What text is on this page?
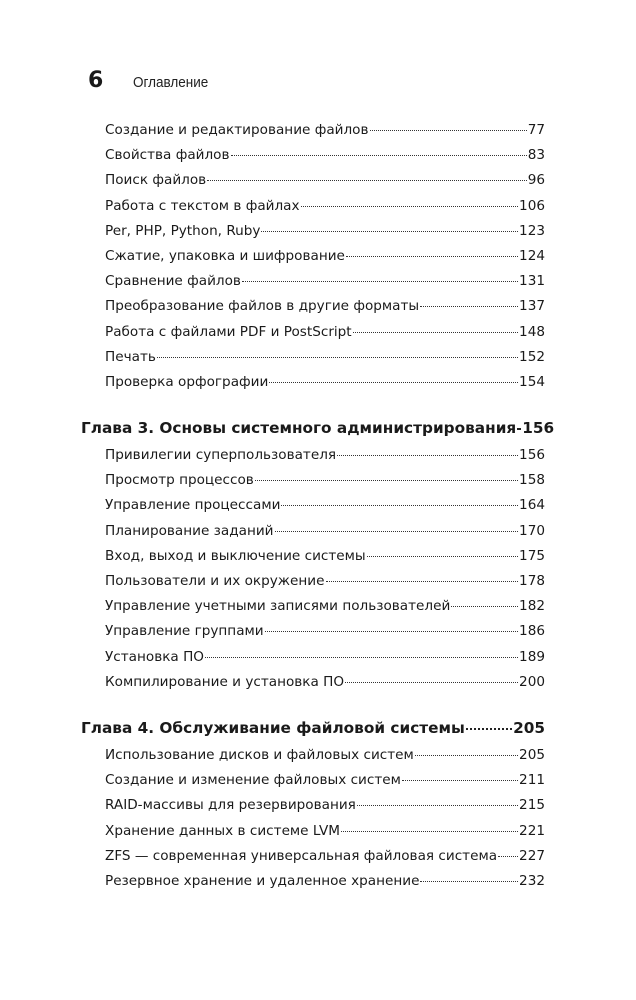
6 Оглавление
Создание и редактирование файлов	77
Свойства файлов	83
Поиск файлов	96
Работа с текстом в файлах	106
Per, PHP, Python, Ruby	123
Сжатие, упаковка и шифрование	124
Сравнение файлов	131
Преобразование файлов в другие форматы	137
Работа с файлами PDF и PostScript	148
Печать	152
Проверка орфографии	154
Глава 3. Основы системного администрирования 156
Привилегии суперпользователя	156
Просмотр процессов	158
Управление процессами	164
Планирование заданий	170
Вход, выход и выключение системы	175
Пользователи и их окружение	178
Управление учетными записями пользователей	182
Управление группами	186
Установка ПО	189
Компилирование и установка ПО	200
Глава 4. Обслуживание файловой системы	205
Использование дисков и файловых систем	205
Создание и изменение файловых систем	211
RAID-массивы для резервирования	215
Хранение данных в системе LVM	221
ZFS — современная универсальная файловая система 227
Резервное хранение и удаленное хранение	232
